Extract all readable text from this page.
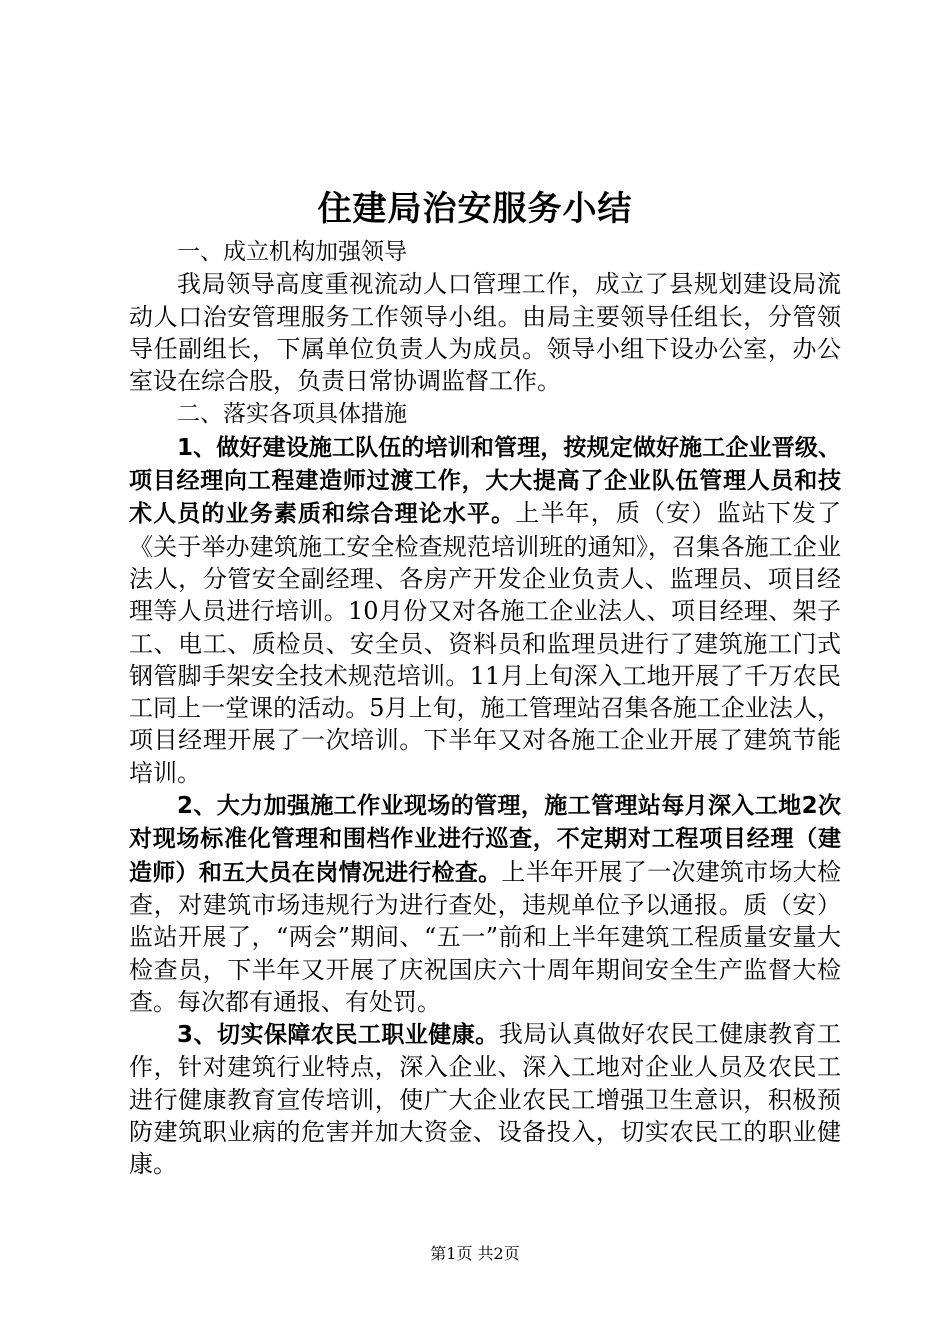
住建局治安服务小结

一、成立机构加强领导

我局领导高度重视流动人口管理工作，成立了县规划建设局流动人口治安管理服务工作领导小组。由局主要领导任组长，分管领导任副组长，下属单位负责人为成员。领导小组下设办公室，办公室设在综合股，负责日常协调监督工作。

二、落实各项具体措施

1、做好建设施工队伍的培训和管理，按规定做好施工企业晋级、项目经理向工程建造师过渡工作，大大提高了企业队伍管理人员和技术人员的业务素质和综合理论水平。上半年，质（安）监站下发了《关于举办建筑施工安全检查规范培训班的通知》，召集各施工企业法人，分管安全副经理、各房产开发企业负责人、监理员、项目经理等人员进行培训。10月份又对各施工企业法人、项目经理、架子工、电工、质检员、安全员、资料员和监理员进行了建筑施工门式钢管脚手架安全技术规范培训。11月上旬深入工地开展了千万农民工同上一堂课的活动。5月上旬，施工管理站召集各施工企业法人，项目经理开展了一次培训。下半年又对各施工企业开展了建筑节能培训。

2、大力加强施工作业现场的管理，施工管理站每月深入工地2次对现场标准化管理和围档作业进行巡查，不定期对工程项目经理（建造师）和五大员在岗情况进行检查。上半年开展了一次建筑市场大检查，对建筑市场违规行为进行查处，违规单位予以通报。质（安）监站开展了，“两会”期间、“五一”前和上半年建筑工程质量安量大检查员，下半年又开展了庆祝国庆六十周年期间安全生产监督大检查。每次都有通报、有处罚。

3、切实保障农民工职业健康。我局认真做好农民工健康教育工作，针对建筑行业特点，深入企业、深入工地对企业人员及农民工进行健康教育宣传培训，使广大企业农民工增强卫生意识，积极预防建筑职业病的危害并加大资金、设备投入，切实农民工的职业健康。

第1页 共2页
